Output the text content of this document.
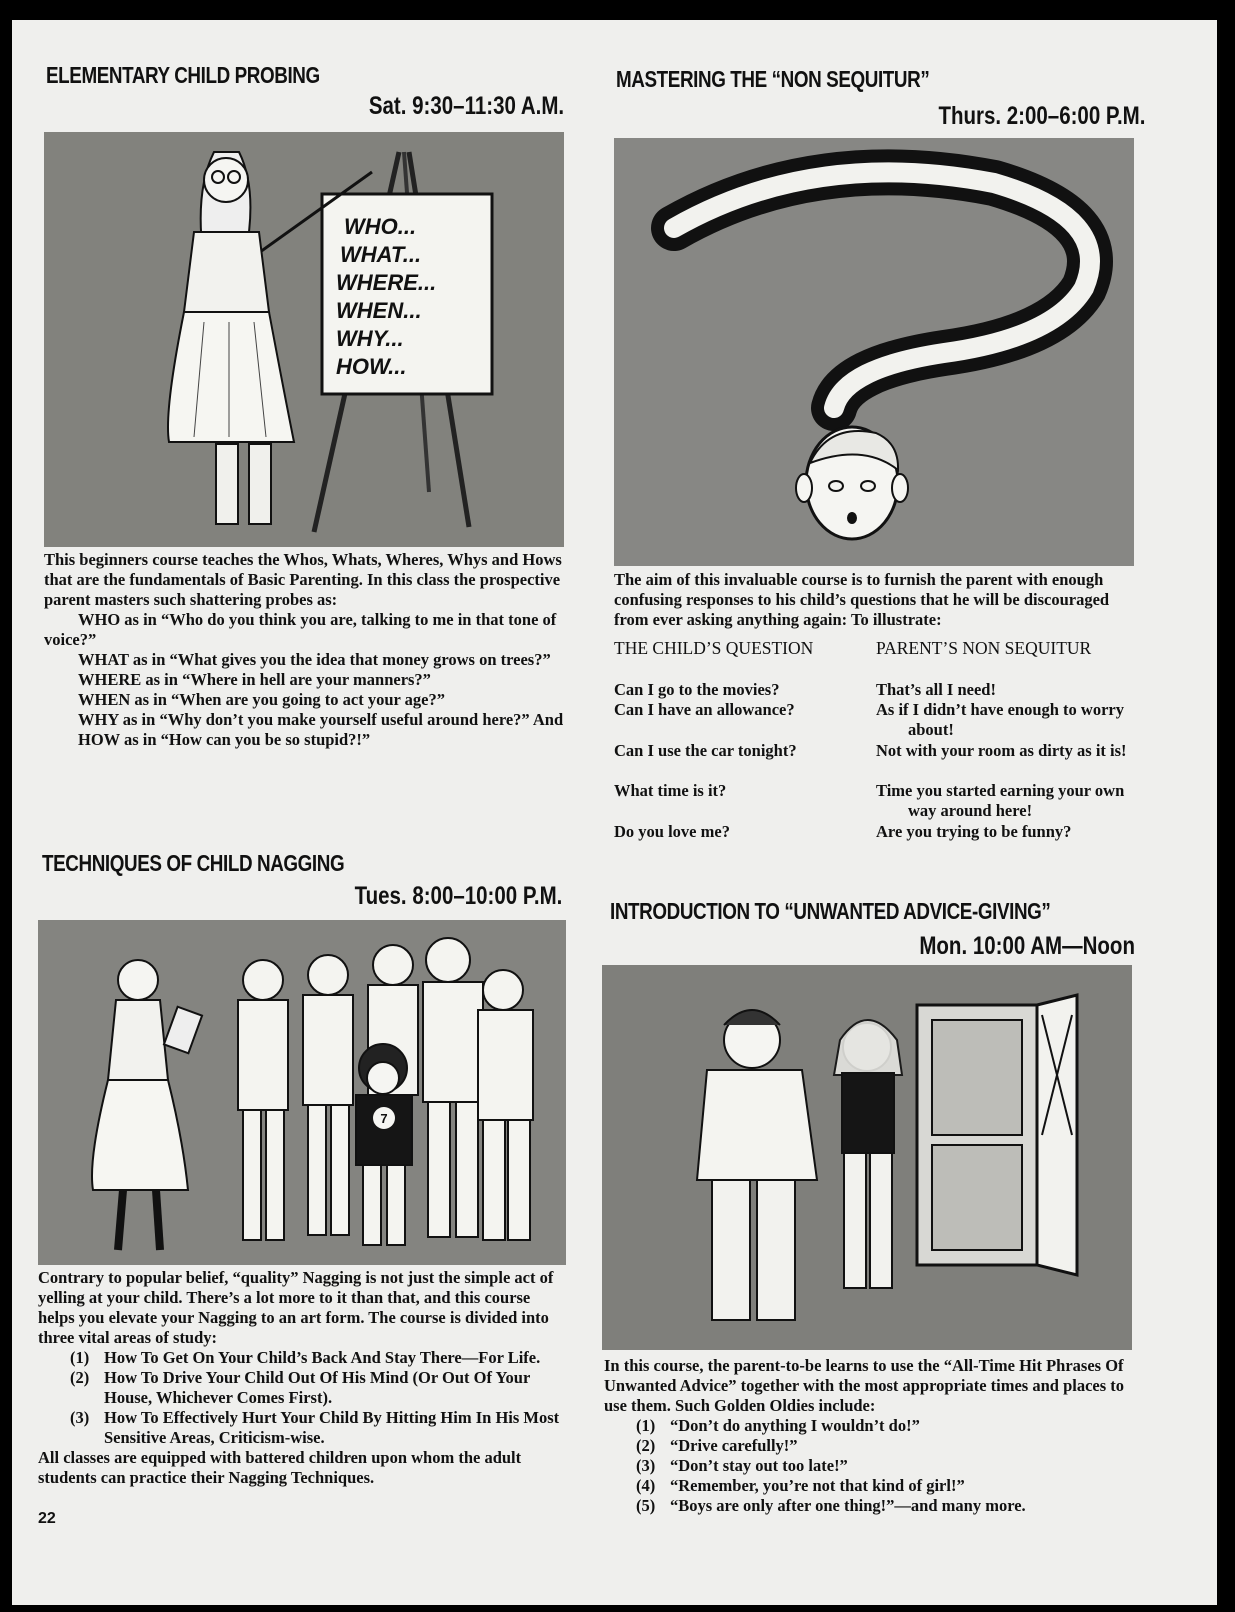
ELEMENTARY CHILD PROBING
Sat. 9:30–11:30 A.M.
WHO...
WHAT...
WHERE...
WHEN...
WHY...
HOW...

This beginners course teaches the Whos, Whats, Wheres, Whys and Hows that are the fundamentals of Basic Parenting. In this class the prospective parent masters such shattering probes as:

WHO as in “Who do you think you are, talking to me in that tone of voice?”

WHAT as in “What gives you the idea that money grows on trees?”

WHERE as in “Where in hell are your manners?”

WHEN as in “When are you going to act your age?”

WHY as in “Why don’t you make yourself useful around here?” And

HOW as in “How can you be so stupid?!”

MASTERING THE “NON SEQUITUR”
Thurs. 2:00–6:00 P.M.
The aim of this invaluable course is to furnish the parent with enough confusing responses to his child’s questions that he will be discouraged from ever asking anything again: To illustrate:
THE CHILD’S QUESTION	PARENT’S NON SEQUITUR
Can I go to the movies?	That’s all I need!
Can I have an allowance?	As if I didn’t have enough to worry about!
Can I use the car tonight?	Not with your room as dirty as it is!
What time is it?	Time you started earning your own way around here!
Do you love me?	Are you trying to be funny?
TECHNIQUES OF CHILD NAGGING
Tues. 8:00–10:00 P.M.
7

Contrary to popular belief, “quality” Nagging is not just the simple act of yelling at your child. There’s a lot more to it than that, and this course helps you elevate your Nagging to an art form. The course is divided into three vital areas of study:

(1) How To Get On Your Child’s Back And Stay There—For Life.
(2) How To Drive Your Child Out Of His Mind (Or Out Of Your House, Whichever Comes First).
(3) How To Effectively Hurt Your Child By Hitting Him In His Most Sensitive Areas, Criticism-wise.

All classes are equipped with battered children upon whom the adult students can practice their Nagging Techniques.

INTRODUCTION TO “UNWANTED ADVICE-GIVING”
Mon. 10:00 AM—Noon

In this course, the parent-to-be learns to use the “All-Time Hit Phrases Of Unwanted Advice” together with the most appropriate times and places to use them. Such Golden Oldies include:

(1) “Don’t do anything I wouldn’t do!”
(2) “Drive carefully!”
(3) “Don’t stay out too late!”
(4) “Remember, you’re not that kind of girl!”
(5) “Boys are only after one thing!”—and many more.
22
